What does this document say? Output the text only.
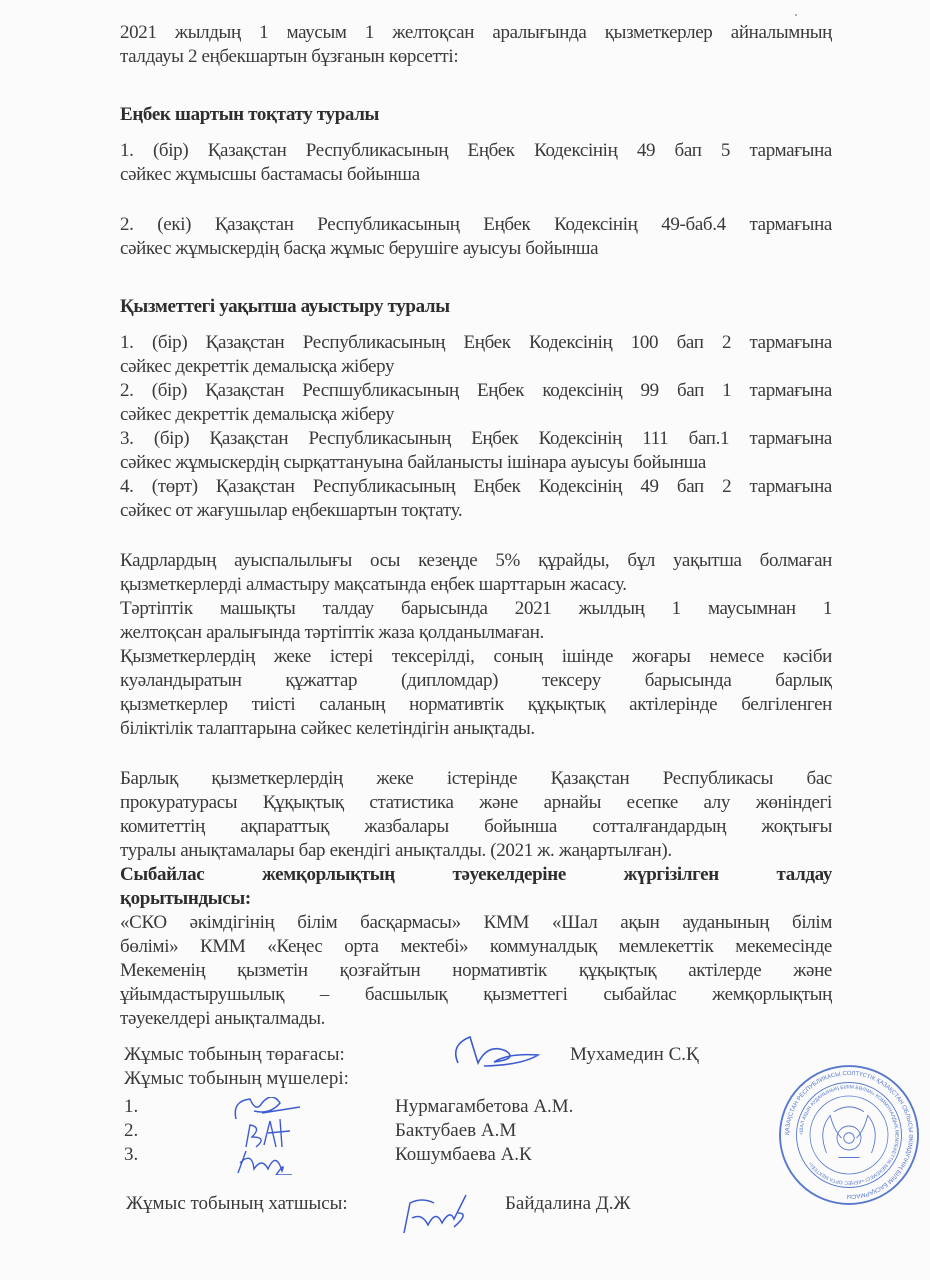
2021 жылдың 1 маусым 1 желтоқсан аралығында қызметкерлер айналымның
талдауы 2 еңбекшартын бұзғанын көрсетті:
Еңбек шартын тоқтату туралы
1. (бір) Қазақстан Республикасының Еңбек Кодексінің 49 бап 5 тармағына
сәйкес жұмысшы бастамасы бойынша
2. (екі) Қазақстан Республикасының Еңбек Кодексінің 49-баб.4 тармағына
сәйкес жұмыскердің басқа жұмыс берушіге ауысуы бойынша
Қызметтегі уақытша ауыстыру туралы
1. (бір) Қазақстан Республикасының Еңбек Кодексінің 100 бап 2 тармағына
сәйкес декреттік демалысқа жіберу
2. (бір) Қазақстан Респшубликасының Еңбек кодексінің 99 бап 1 тармағына
сәйкес декреттік демалысқа жіберу
3. (бір) Қазақстан Республикасының Еңбек Кодексінің 111 бап.1 тармағына
сәйкес жұмыскердің сырқаттануына байланысты ішінара ауысуы бойынша
4. (төрт) Қазақстан Республикасының Еңбек Кодексінің 49 бап 2 тармағына
сәйкес от жағушылар еңбекшартын тоқтату.
Кадрлардың ауыспалылығы осы кезеңде 5% құрайды, бұл уақытша болмаған
қызметкерлерді алмастыру мақсатында еңбек шарттарын жасасу.
Тәртіптік машықты талдау барысында 2021 жылдың 1 маусымнан 1
желтоқсан аралығында тәртіптік жаза қолданылмаған.
Қызметкерлердің жеке істері тексерілді, соның ішінде жоғары немесе кәсіби
куәландыратын құжаттар (дипломдар) тексеру барысында барлық
қызметкерлер тиісті саланың нормативтік құқықтық актілерінде белгіленген
біліктілік талаптарына сәйкес келетіндігін анықтады.
Барлық қызметкерлердің жеке істерінде Қазақстан Республикасы бас
прокуратурасы Құқықтық статистика және арнайы есепке алу жөніндегі
комитеттің ақпараттық жазбалары бойынша сотталғандардың жоқтығы
туралы анықтамалары бар екендігі анықталды. (2021 ж. жаңартылған).
Сыбайлас жемқорлықтың тәуекелдеріне жүргізілген талдау
қорытындысы:
«СКО әкімдігінің білім басқармасы» КММ «Шал ақын ауданының білім
бөлімі» КММ «Кеңес орта мектебі» коммуналдық мемлекеттік мекемесінде
Мекеменің қызметін қозғайтын нормативтік құқықтық актілерде және
ұйымдастырушылық – басшылық қызметтегі сыбайлас жемқорлықтың
тәуекелдері анықталмады.
Жұмыс тобының төрағасы:	Мухамедин С.Қ
Жұмыс тобының мүшелері:
1.	Нурмагамбетова А.М.
2.	Бактубаев А.М
3.	Кошумбаева А.К
Жұмыс тобының хатшысы:	Байдалина Д.Ж
ҚАЗАҚСТАН РЕСПУБЛИКАСЫ СОЛТҮСТІК ҚАЗАҚСТАН ОБЛЫСЫ ӘКІМДІГІНІҢ БІЛІМ БАСҚАРМАСЫ
«ШАЛ АҚЫН АУДАНЫНЫҢ БІЛІМ БӨЛІМІ» КОММУНАЛДЫҚ МЕМЛЕКЕТТІК МЕКЕМЕСІ «КЕҢЕС ОРТА МЕКТЕБІ»
